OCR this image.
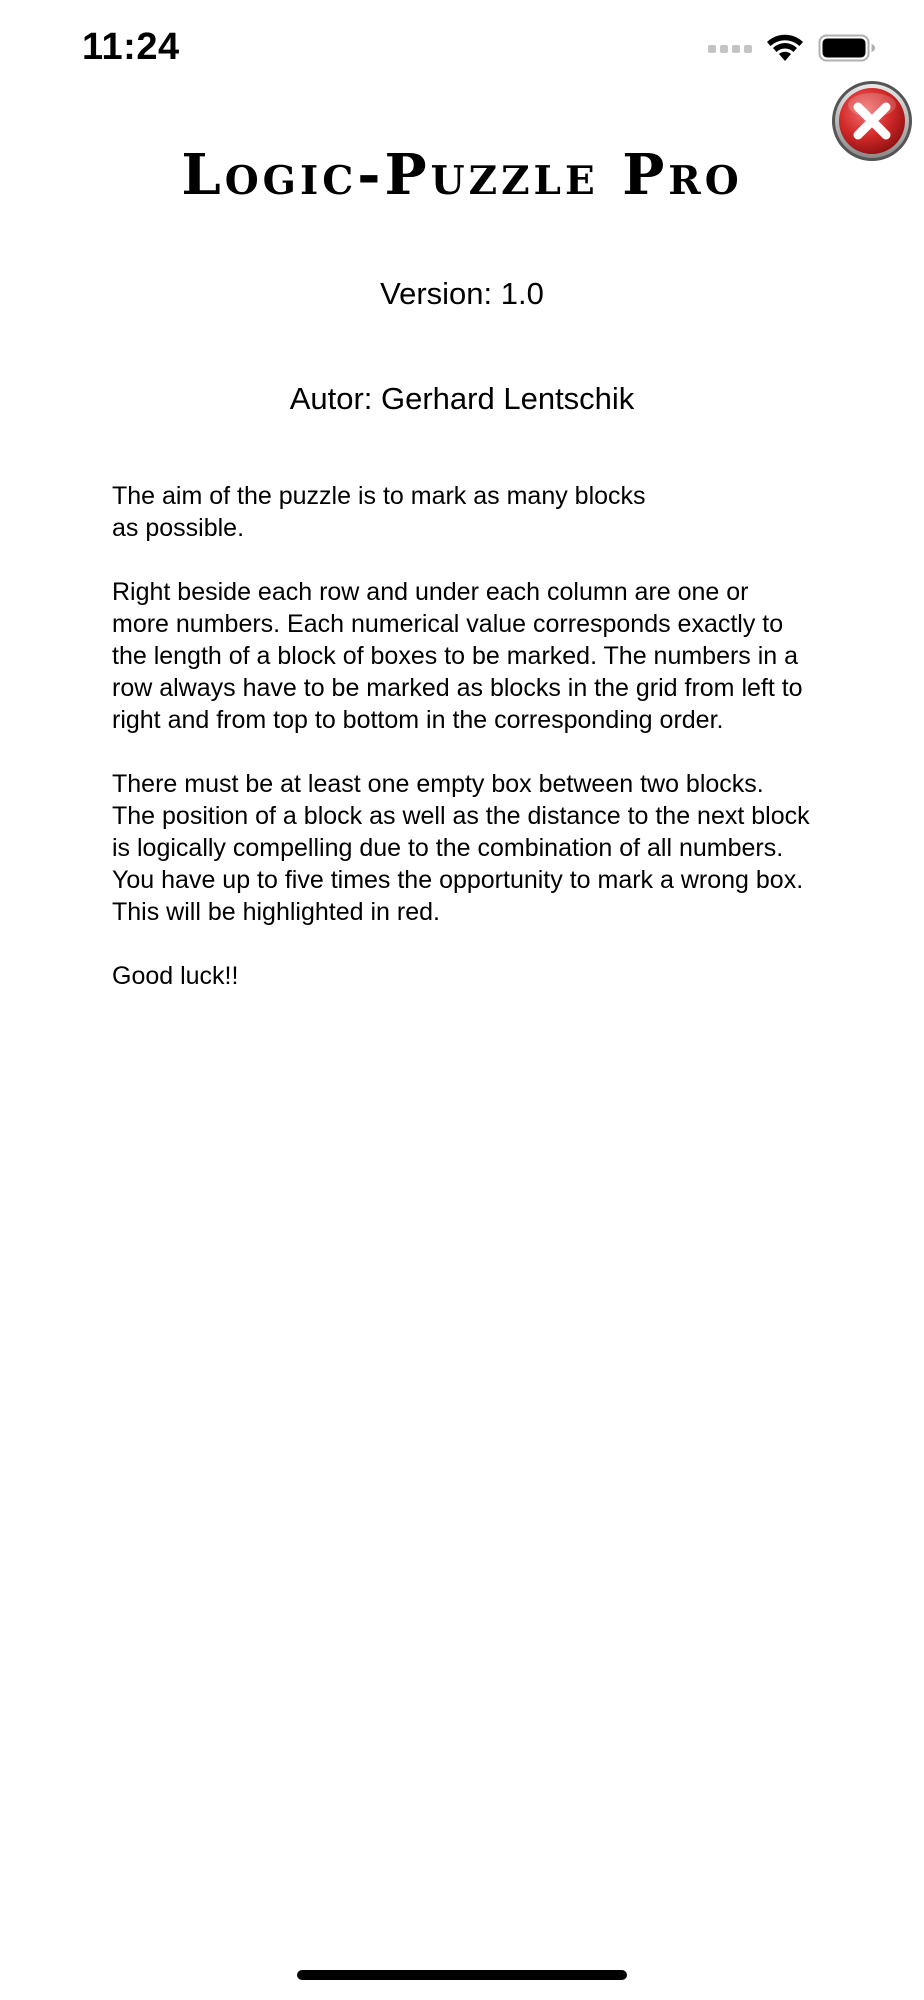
11:24
Logic-Puzzle Pro
Version: 1.0
Autor: Gerhard Lentschik

The aim of the puzzle is to mark as many blocks
as possible.

Right beside each row and under each column are one or more numbers. Each numerical value corresponds exactly to the length of a block of boxes to be marked. The numbers in a row always have to be marked as blocks in the grid from left to right and from top to bottom in the corresponding order.

There must be at least one empty box between two blocks. The position of a block as well as the distance to the next block is logically compelling due to the combination of all numbers. You have up to five times the opportunity to mark a wrong box. This will be highlighted in red.

Good luck!!
